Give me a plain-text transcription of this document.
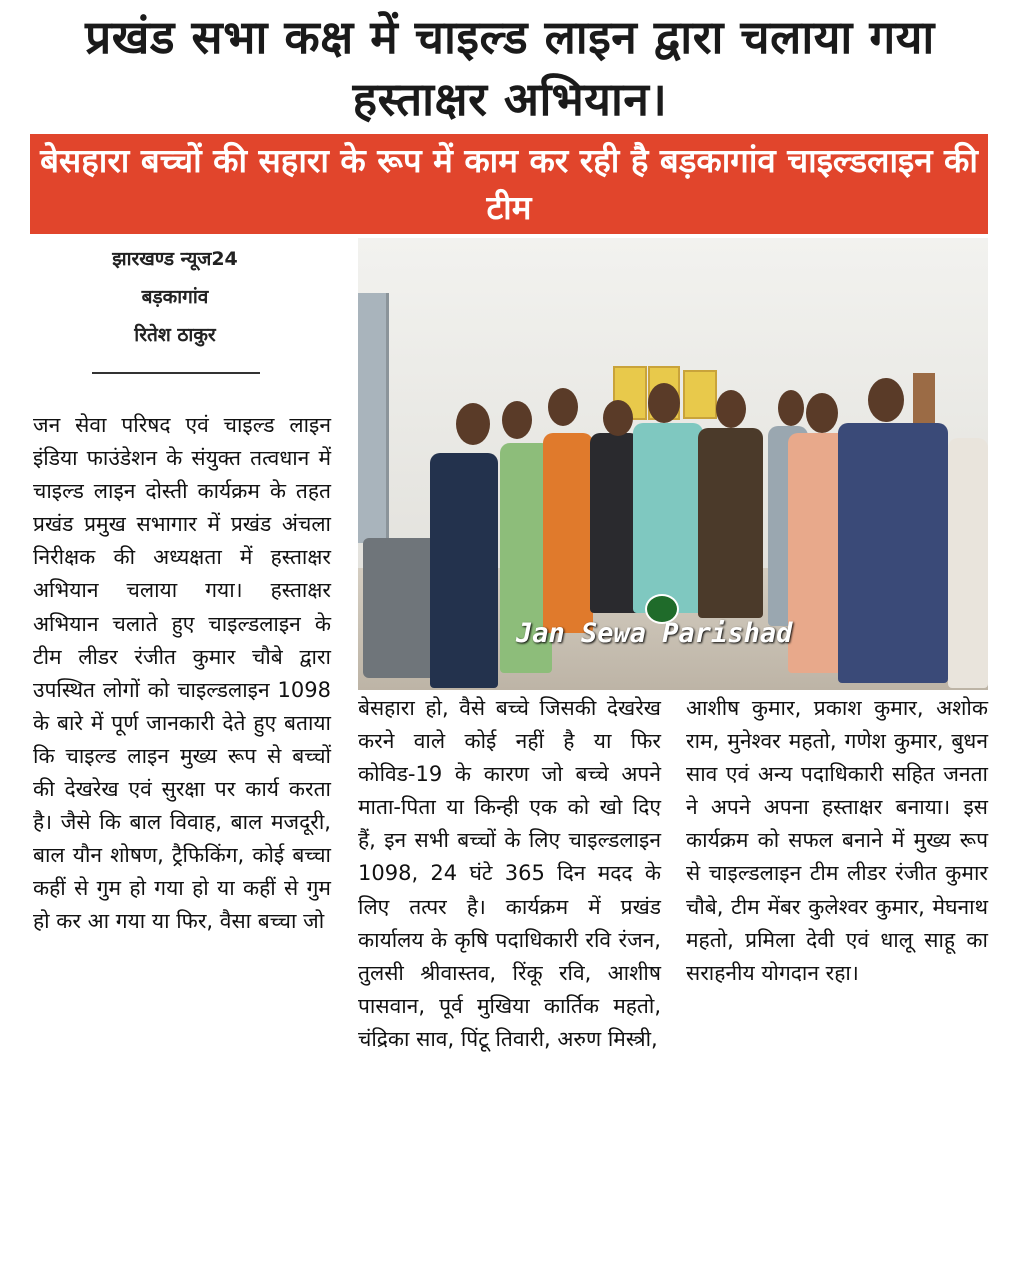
प्रखंड सभा कक्ष में चाइल्ड लाइन द्वारा चलाया गया हस्ताक्षर अभियान।
बेसहारा बच्चों की सहारा के रूप में काम कर रही है बड़कागांव चाइल्डलाइन की टीम
झारखण्ड न्यूज24
बड़कागांव
रितेश ठाकुर
Jan Sewa Parishad
जन सेवा परिषद एवं चाइल्ड लाइन इंडिया फाउंडेशन के संयुक्त तत्वधान में चाइल्ड लाइन दोस्ती कार्यक्रम के तहत प्रखंड प्रमुख सभागार में प्रखंड अंचला निरीक्षक की अध्यक्षता में हस्ताक्षर अभियान चलाया गया। हस्ताक्षर अभियान चलाते हुए चाइल्डलाइन के टीम लीडर रंजीत कुमार चौबे द्वारा उपस्थित लोगों को चाइल्डलाइन 1098 के बारे में पूर्ण जानकारी देते हुए बताया कि चाइल्ड लाइन मुख्य रूप से बच्चों की देखरेख एवं सुरक्षा पर कार्य करता है। जैसे कि बाल विवाह, बाल मजदूरी, बाल यौन शोषण, ट्रैफिकिंग, कोई बच्चा कहीं से गुम हो गया हो या कहीं से गुम हो कर आ गया या फिर, वैसा बच्चा जो
बेसहारा हो, वैसे बच्चे जिसकी देखरेख करने वाले कोई नहीं है या फिर कोविड-19 के कारण जो बच्चे अपने माता-पिता या किन्ही एक को खो दिए हैं, इन सभी बच्चों के लिए चाइल्डलाइन 1098, 24 घंटे 365 दिन मदद के लिए तत्पर है। कार्यक्रम में प्रखंड कार्यालय के कृषि पदाधिकारी रवि रंजन, तुलसी श्रीवास्तव, रिंकू रवि, आशीष पासवान, पूर्व मुखिया कार्तिक महतो, चंद्रिका साव, पिंटू तिवारी, अरुण मिस्त्री,
आशीष कुमार, प्रकाश कुमार, अशोक राम, मुनेश्वर महतो, गणेश कुमार, बुधन साव एवं अन्य पदाधिकारी सहित जनता ने अपने अपना हस्ताक्षर बनाया। इस कार्यक्रम को सफल बनाने में मुख्य रूप से चाइल्डलाइन टीम लीडर रंजीत कुमार चौबे, टीम मेंबर कुलेश्वर कुमार, मेघनाथ महतो, प्रमिला देवी एवं धालू साहू का सराहनीय योगदान रहा।
